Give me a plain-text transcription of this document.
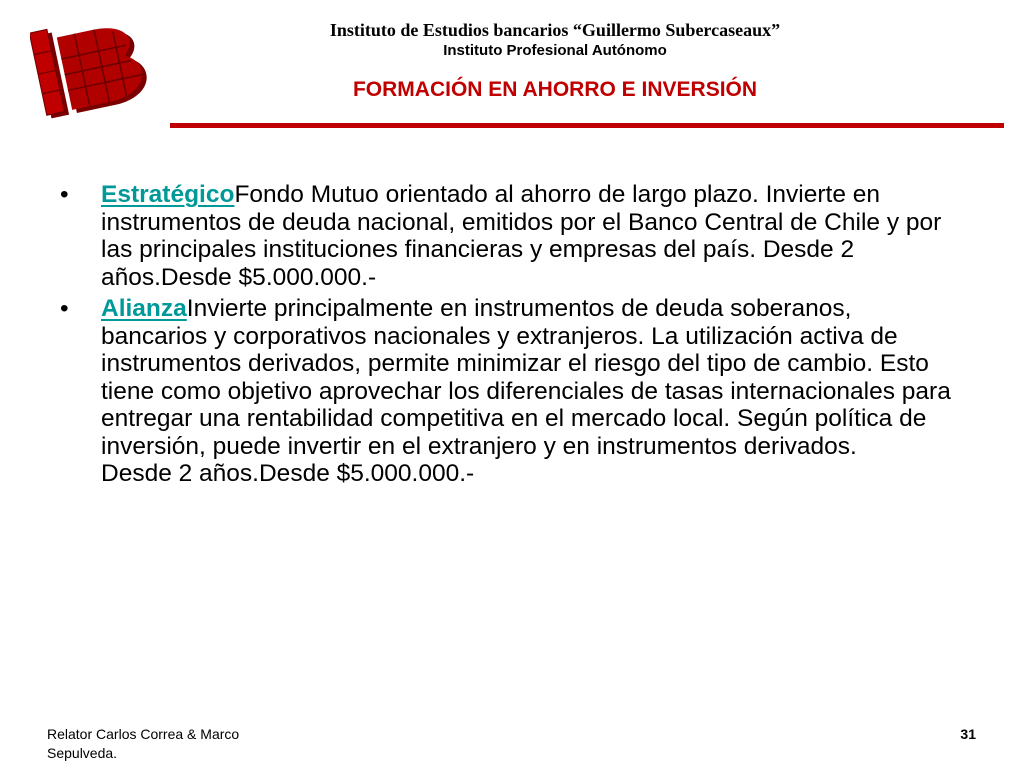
Instituto de Estudios bancarios “Guillermo Subercaseaux”
Instituto Profesional Autónomo
FORMACIÓN EN AHORRO E INVERSIÓN
• EstratégicoFondo Mutuo orientado al ahorro de largo plazo. Invierte en instrumentos de deuda nacional, emitidos por el Banco Central de Chile y por las principales instituciones financieras y empresas del país. Desde 2 años.Desde $5.000.000.-
• AlianzaInvierte principalmente en instrumentos de deuda soberanos, bancarios y corporativos nacionales y extranjeros. La utilización activa de instrumentos derivados, permite minimizar el riesgo del tipo de cambio. Esto tiene como objetivo aprovechar los diferenciales de tasas internacionales para entregar una rentabilidad competitiva en el mercado local. Según política de inversión, puede invertir en el extranjero y en instrumentos derivados.
Desde 2 años.Desde $5.000.000.-
Relator Carlos Correa & Marco Sepulveda.
31
